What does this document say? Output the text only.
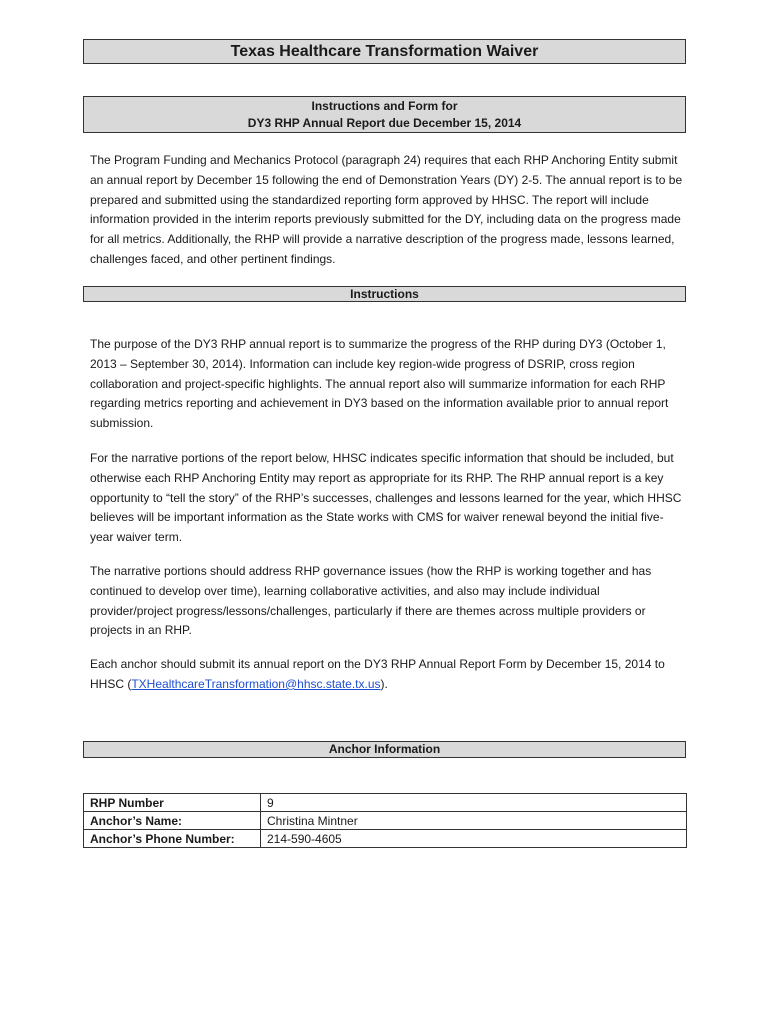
Texas Healthcare Transformation Waiver
Instructions and Form for
DY3 RHP Annual Report due December 15, 2014

The Program Funding and Mechanics Protocol (paragraph 24) requires that each RHP Anchoring Entity submit an annual report by December 15 following the end of Demonstration Years (DY) 2-5. The annual report is to be prepared and submitted using the standardized reporting form approved by HHSC. The report will include information provided in the interim reports previously submitted for the DY, including data on the progress made for all metrics. Additionally, the RHP will provide a narrative description of the progress made, lessons learned, challenges faced, and other pertinent findings.

Instructions

The purpose of the DY3 RHP annual report is to summarize the progress of the RHP during DY3 (October 1, 2013 – September 30, 2014). Information can include key region-wide progress of DSRIP, cross region collaboration and project-specific highlights. The annual report also will summarize information for each RHP regarding metrics reporting and achievement in DY3 based on the information available prior to annual report submission.

For the narrative portions of the report below, HHSC indicates specific information that should be included, but otherwise each RHP Anchoring Entity may report as appropriate for its RHP. The RHP annual report is a key opportunity to “tell the story” of the RHP’s successes, challenges and lessons learned for the year, which HHSC believes will be important information as the State works with CMS for waiver renewal beyond the initial five-year waiver term.

The narrative portions should address RHP governance issues (how the RHP is working together and has continued to develop over time), learning collaborative activities, and also may include individual provider/project progress/lessons/challenges, particularly if there are themes across multiple providers or projects in an RHP.

Each anchor should submit its annual report on the DY3 RHP Annual Report Form by December 15, 2014 to HHSC (TXHealthcareTransformation@hhsc.state.tx.us).

Anchor Information
RHP Number	9
Anchor’s Name:	Christina Mintner
Anchor’s Phone Number:	214-590-4605
